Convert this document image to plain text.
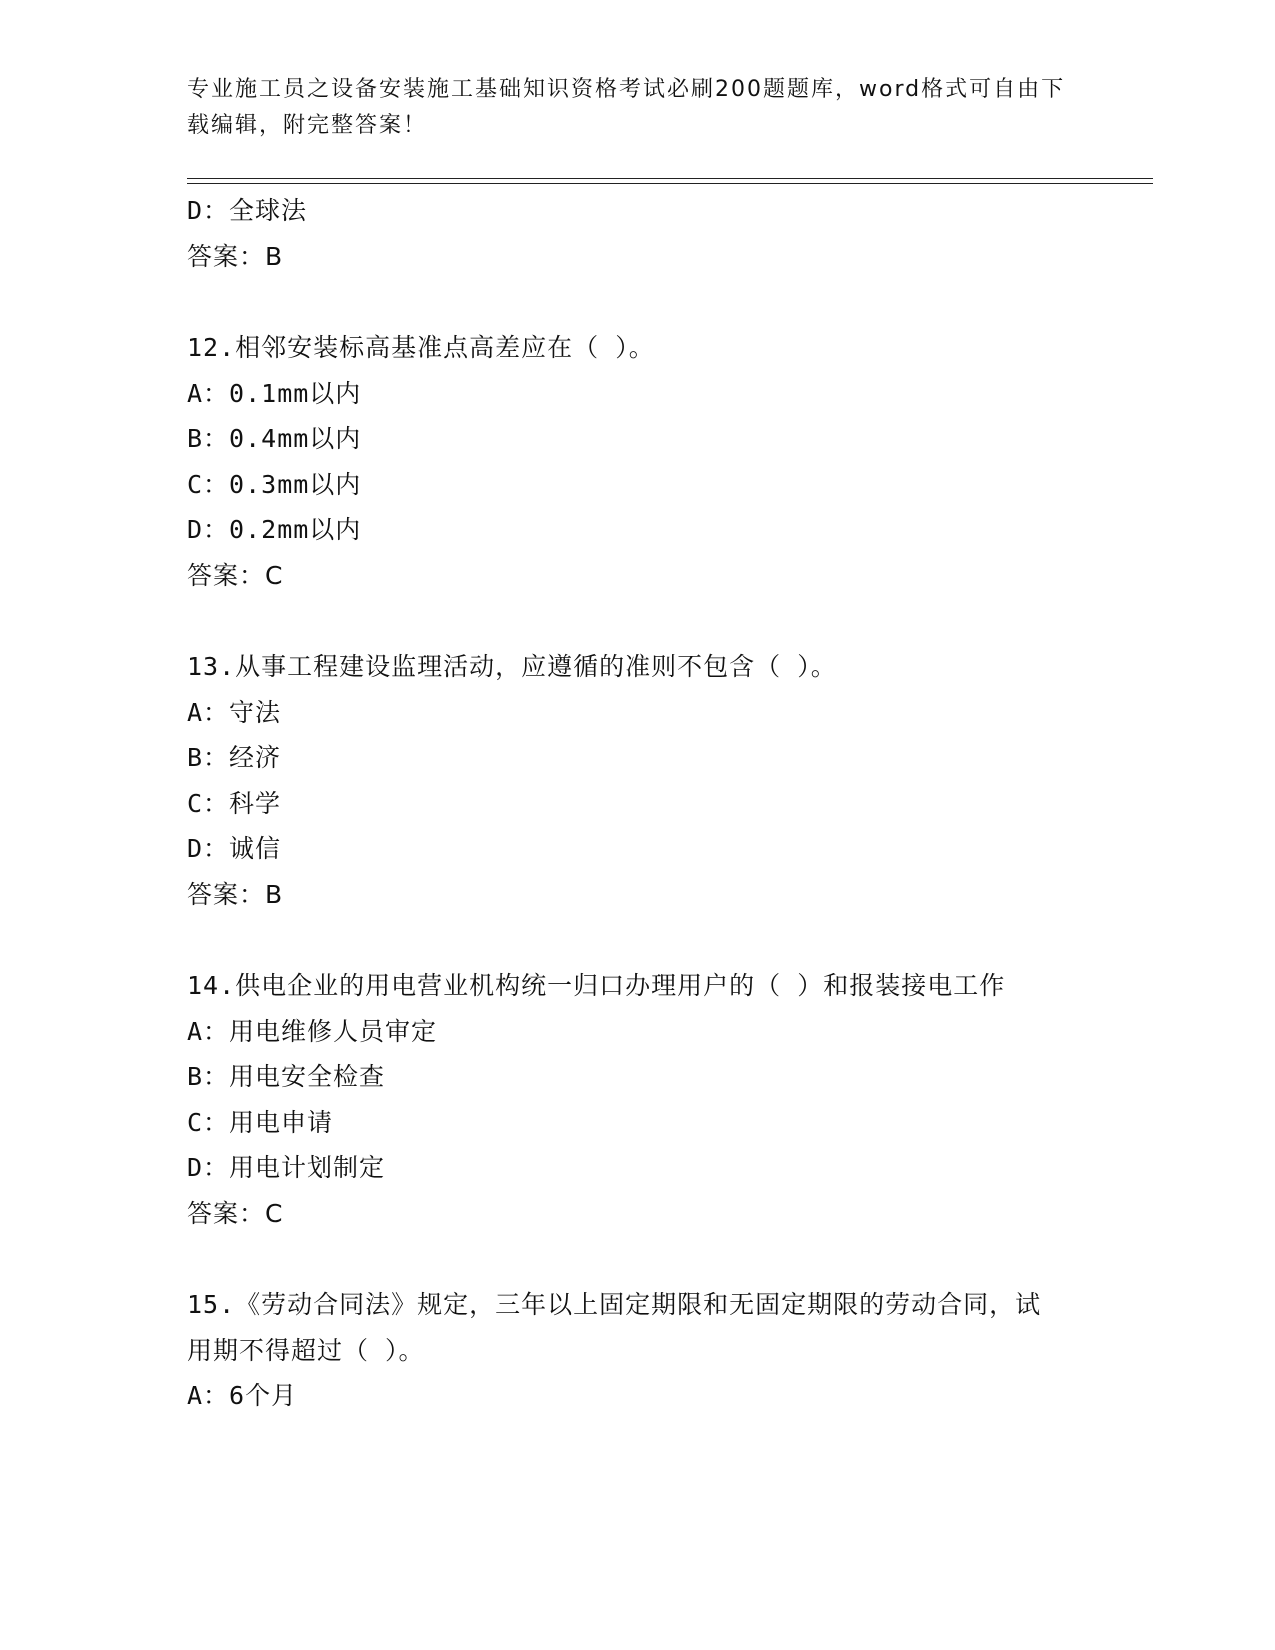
专业施工员之设备安装施工基础知识资格考试必刷200题题库，word格式可自由下载编辑，附完整答案！
D：全球法
答案：B
12.相邻安装标高基准点高差应在（ ）。
A：0.1mm以内
B：0.4mm以内
C：0.3mm以内
D：0.2mm以内
答案：C
13.从事工程建设监理活动，应遵循的准则不包含（ ）。
A：守法
B：经济
C：科学
D：诚信
答案：B
14.供电企业的用电营业机构统一归口办理用户的（ ）和报装接电工作
A：用电维修人员审定
B：用电安全检查
C：用电申请
D：用电计划制定
答案：C
15.《劳动合同法》规定，三年以上固定期限和无固定期限的劳动合同，试用期不得超过（ ）。
A：6个月
